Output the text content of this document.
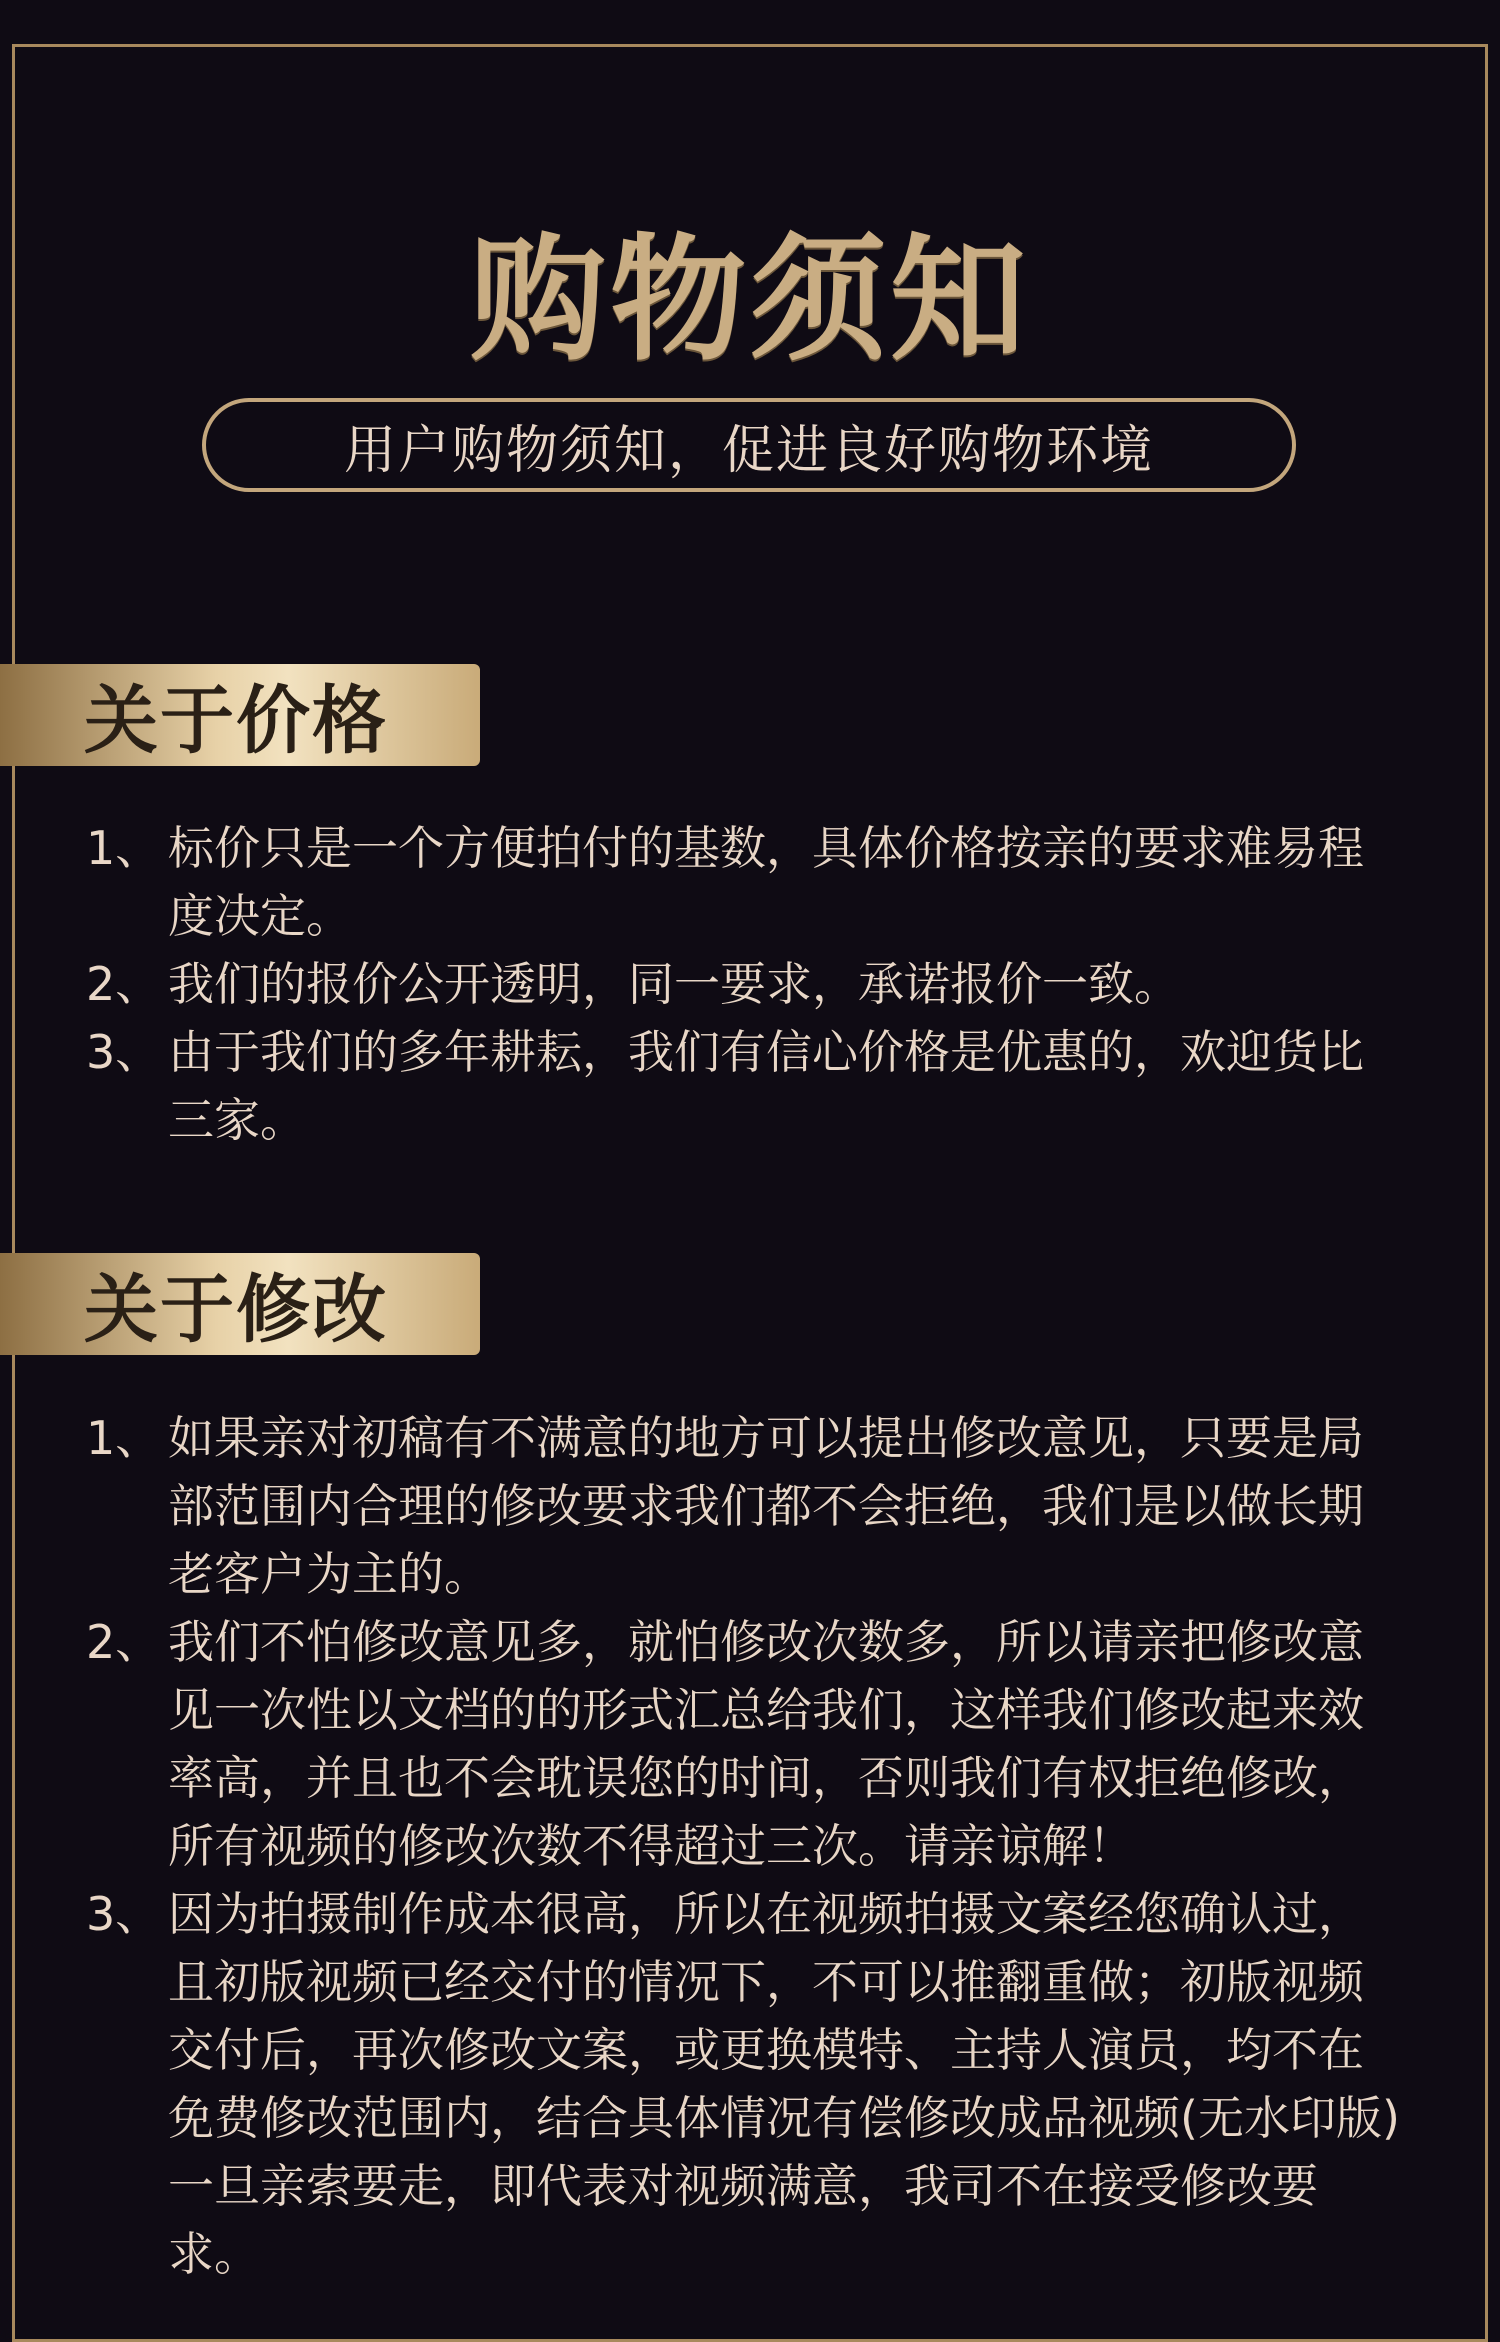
购物须知
用户购物须知，促进良好购物环境
关于价格
1、 标价只是一个方便拍付的基数，具体价格按亲的要求难易程度决定。
2、 我们的报价公开透明，同一要求，承诺报价一致。
3、 由于我们的多年耕耘，我们有信心价格是优惠的，欢迎货比三家。
关于修改
1、 如果亲对初稿有不满意的地方可以提出修改意见，只要是局部范围内合理的修改要求我们都不会拒绝，我们是以做长期老客户为主的。
2、 我们不怕修改意见多，就怕修改次数多，所以请亲把修改意见一次性以文档的的形式汇总给我们，这样我们修改起来效率高，并且也不会耽误您的时间，否则我们有权拒绝修改，所有视频的修改次数不得超过三次。请亲谅解！
3、 因为拍摄制作成本很高，所以在视频拍摄文案经您确认过，且初版视频已经交付的情况下，不可以推翻重做；初版视频交付后，再次修改文案，或更换模特、主持人演员，均不在免费修改范围内，结合具体情况有偿修改成品视频(无水印版)一旦亲索要走，即代表对视频满意，我司不在接受修改要求。
